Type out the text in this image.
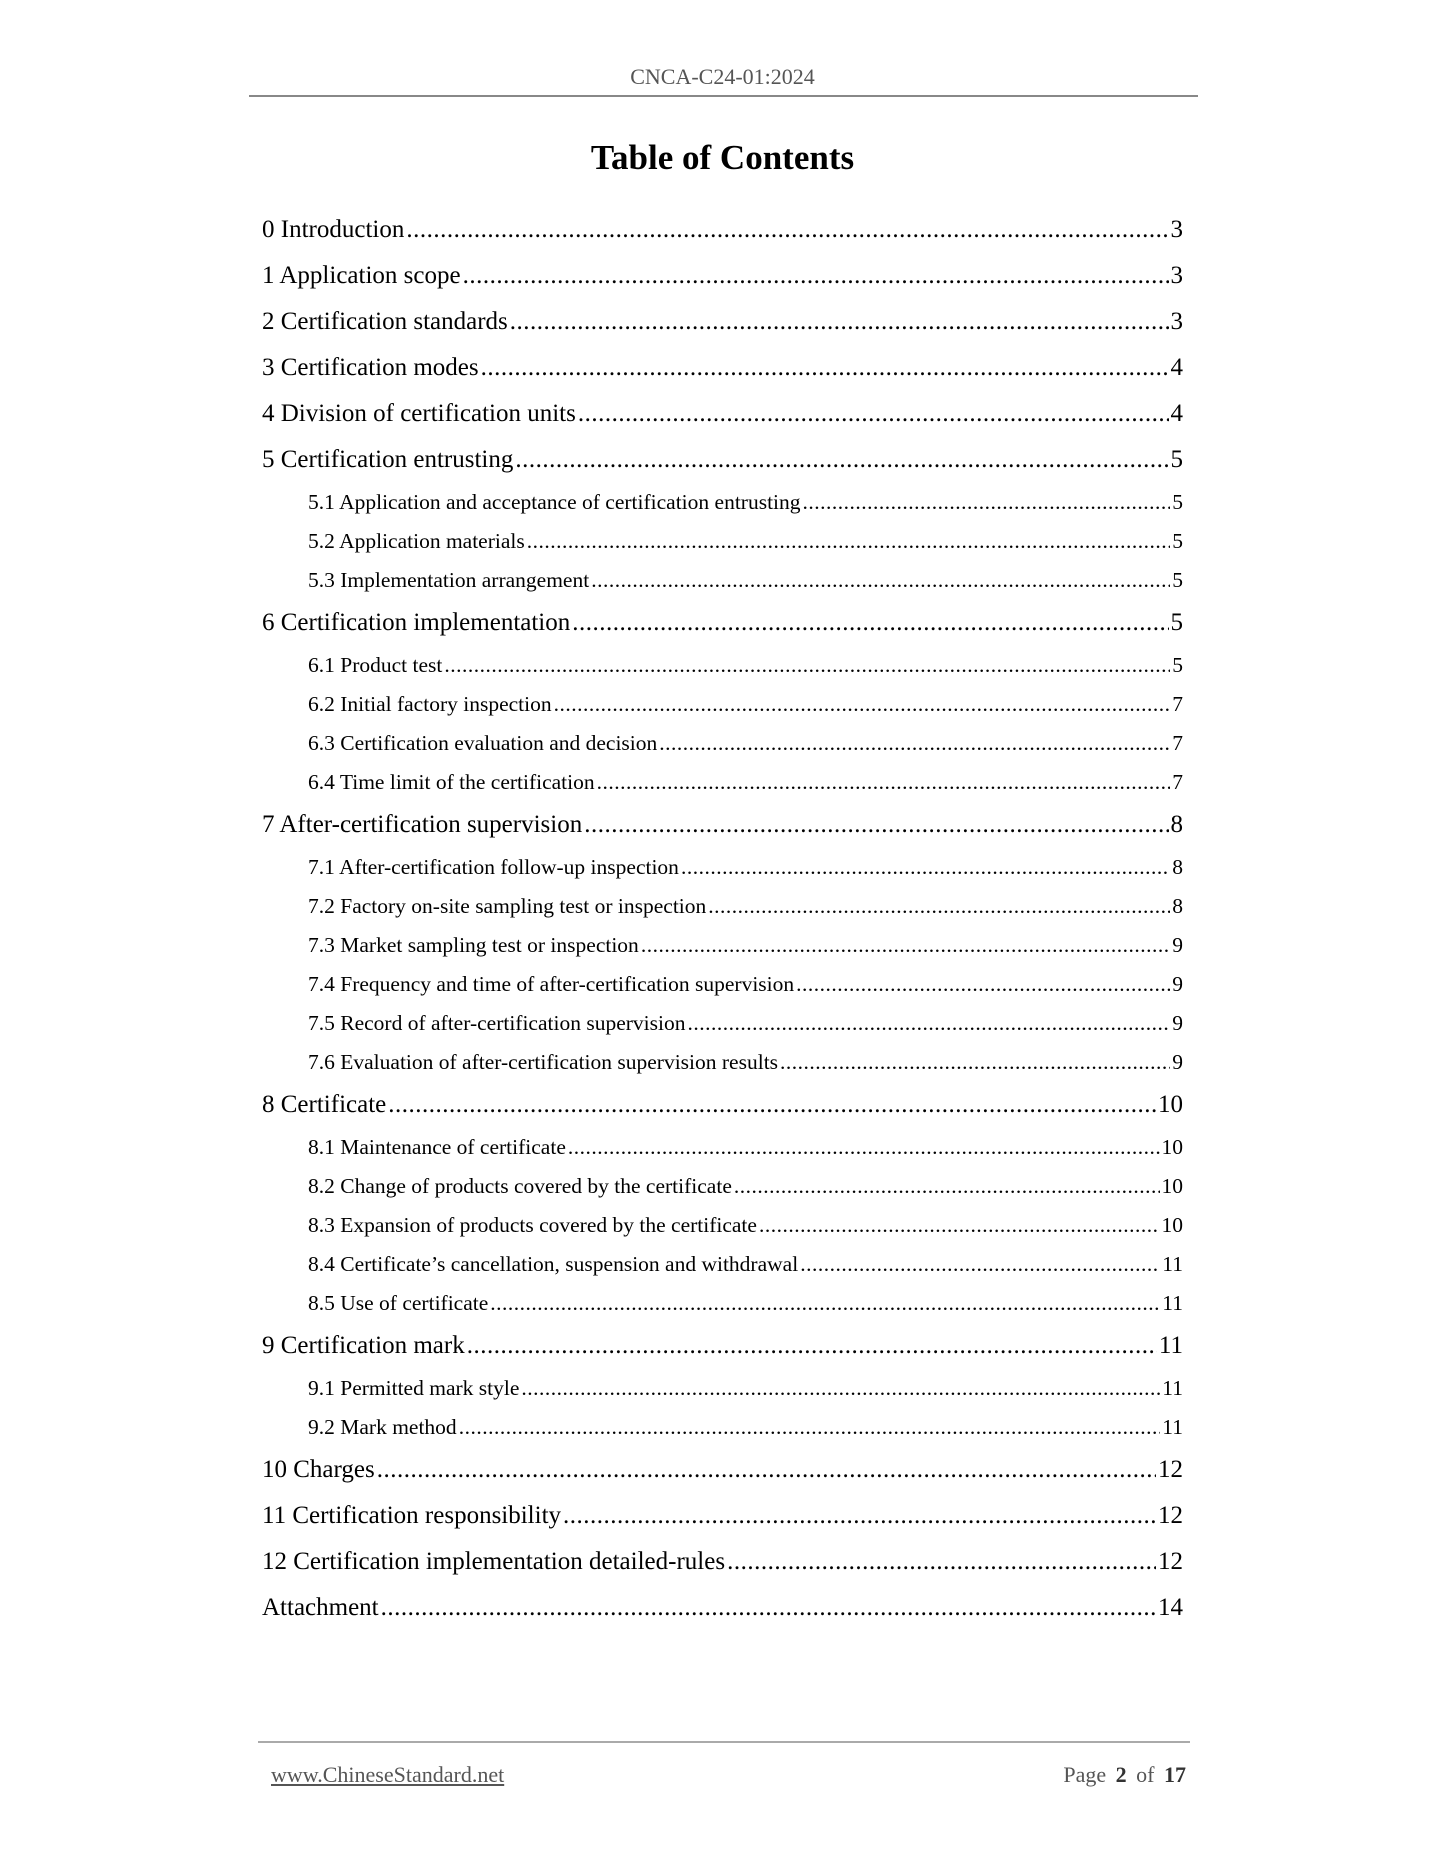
CNCA-C24-01:2024
Table of Contents
0 Introduction .....	3
1 Application scope .....	3
2 Certification standards .....	3
3 Certification modes .....	4
4 Division of certification units .....	4
5 Certification entrusting .....	5
5.1 Application and acceptance of certification entrusting .....	5
5.2 Application materials .....	5
5.3 Implementation arrangement .....	5
6 Certification implementation .....	5
6.1 Product test .....	5
6.2 Initial factory inspection .....	7
6.3 Certification evaluation and decision .....	7
6.4 Time limit of the certification .....	7
7 After-certification supervision .....	8
7.1 After-certification follow-up inspection .....	8
7.2 Factory on-site sampling test or inspection .....	8
7.3 Market sampling test or inspection .....	9
7.4 Frequency and time of after-certification supervision .....	9
7.5 Record of after-certification supervision .....	9
7.6 Evaluation of after-certification supervision results .....	9
8 Certificate .....	10
8.1 Maintenance of certificate .....	10
8.2 Change of products covered by the certificate .....	10
8.3 Expansion of products covered by the certificate .....	10
8.4 Certificate’s cancellation, suspension and withdrawal .....	11
8.5 Use of certificate .....	11
9 Certification mark .....	11
9.1 Permitted mark style .....	11
9.2 Mark method .....	11
10 Charges .....	12
11 Certification responsibility .....	12
12 Certification implementation detailed-rules .....	12
Attachment .....	14
www.ChineseStandard.net	Page 2 of 17
